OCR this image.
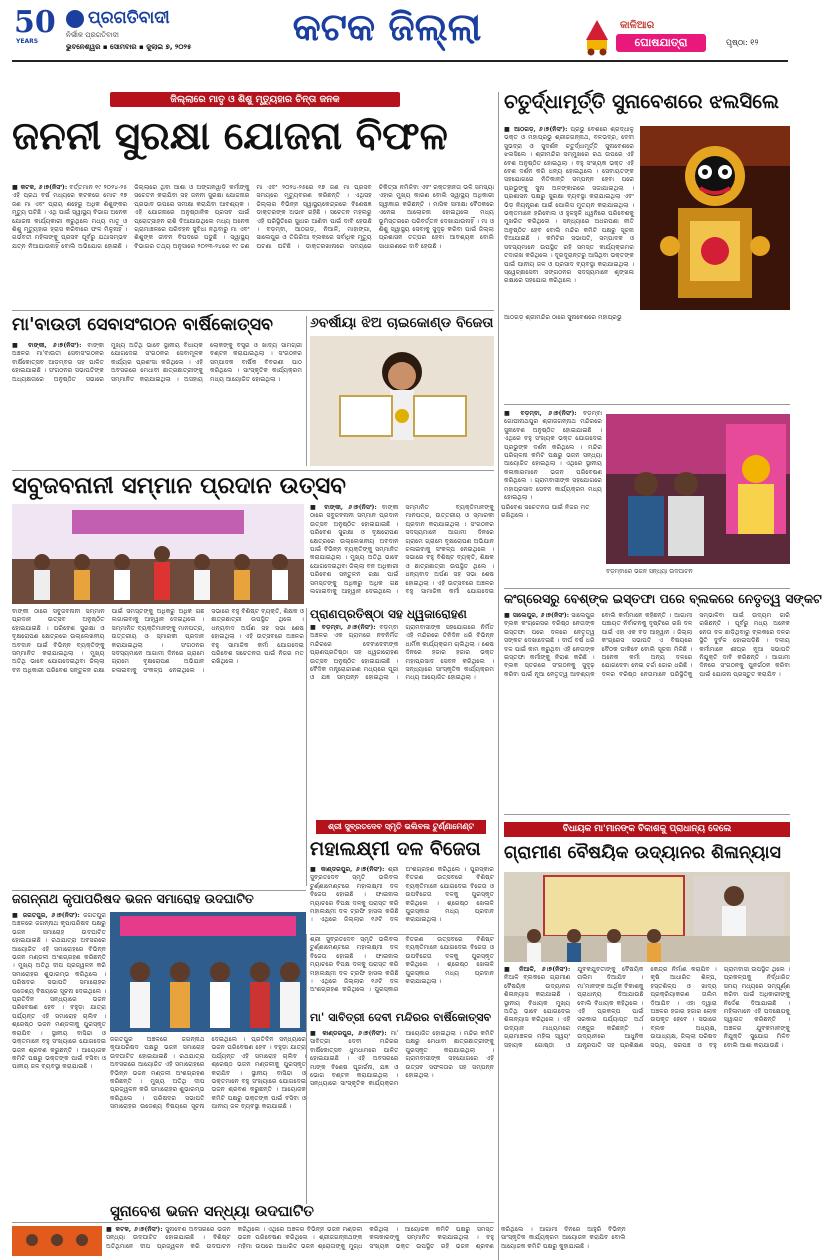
50
YEARS
ପ୍ରଗତିବାଦୀ
ନିର୍ଭୀକ ପ୍ରଗତିବାଦୀ
ଭୁବନେଶ୍ୱର ▪ ସୋମବାର ▪ ଜୁଲାଇ ୭, ୨୦୨୫	କଟକ ଜିଲ୍ଲା	କାଳିଆର
ଘୋଷଯାତ୍ରା	ପୃଷ୍ଠା: ୧୨
ଜିଲ୍ଲାରେ ମାତୃ ଓ ଶିଶୁ ମୃତ୍ୟୁହାର ଚିନ୍ତା ଜନକ
ଜନନୀ ସୁରକ୍ଷା ଯୋଜନା ବିଫଳ
■ କଟକ, ୬।୭(ନିସଂ): ବର୍ତ୍ତମାନ ୧୯ ୨୦୨୪-୨୫ ଏହି ପ୍ରଥ ବର୍ଷ ମଧ୍ୟରେ କଟକରେ ମୋଟ ୧୭ ଜଣ ମା ଏବଂ ପ୍ରାୟ ଶହେରୁ ଅଧିକ ଶିଶୁଙ୍କର ମୃତ୍ୟୁ ଘଟିଛି । ଏଥି ପାଇଁ ସ୍ୱାସ୍ଥ୍ୟ ବିଭାଗ ଅନେକ ଯୋଜନା କାର୍ଯ୍ୟକାରୀ କରୁଥିଲେ ମଧ୍ୟ ମାତୃ ଓ ଶିଶୁ ମୃତ୍ୟୁହାର ହ୍ରାସ କରିବାରେ ଫଳ ମିଳୁନାହିଁ । ଗର୍ଭବତୀ ମହିଳାଙ୍କୁ ପ୍ରସବ ପୂର୍ବରୁ ଯଥାସମ୍ଭବ ଯତ୍ନ ନିଆଯାଉନାହିଁ ବୋଲି ଅଭିଯୋଗ ହୋଇଛି । ଜିଲ୍ଲାରେ ଥିବା ଆଶା ଓ ଅଙ୍ଗନୱାଡ଼ି କର୍ମୀଙ୍କୁ ସଚେତନ କରାଯିବା ସହ ଜନନୀ ସୁରକ୍ଷା ଯୋଜନାର ପ୍ରଭାବ ଉପରେ ସମୀକ୍ଷା କରାଯିବା ଆବଶ୍ୟକ । ଏହି ଯୋଜନାରେ ଅନୁଷ୍ଠାନିକ ପ୍ରସବ ପାଇଁ ପ୍ରୋତ୍ସାହନ ରାଶି ଦିଆଯାଉଥିଲେ ମଧ୍ୟ ଅନେକ ଗ୍ରାମାଞ୍ଚଳରେ ପରିବହନ ସୁବିଧା ନଥିବାରୁ ମା ଏବଂ ଶିଶୁଙ୍କ ଜୀବନ ବିପଦରେ ପଡୁଛି । ସ୍ୱାସ୍ଥ୍ୟ ବିଭାଗର ତଥ୍ୟ ଅନୁସାରେ ୨୦୨୩-୨୪ରେ ୧୯ ଜଣ ମା ଏବଂ ୨୦୨୪-୨୫ରେ ୧୭ ଜଣ ମା ପ୍ରସବ ସମୟରେ ମୃତ୍ୟୁବରଣ କରିଛନ୍ତି । ଏଥିସହ ଜିଲ୍ଲାର ବିଭିନ୍ନ ସ୍ୱାସ୍ଥ୍ୟକେନ୍ଦ୍ରରେ ବିଶେଷଜ୍ଞ ଡାକ୍ତରଙ୍କ ଅଭାବ ରହିଛି । ସଚେତନ ମହଲରୁ ଏହି ପରିସ୍ଥିତିରେ ସୁଧାର ଆଣିବା ପାଇଁ ଦାବି ହେଉଛି । ବଡ଼ମ୍ବା, ଆଠଗଡ଼, ନିଆଳି, ମାହାଙ୍ଗା, ସାଲେପୁର ଓ ତିଗିରିଆ ବ୍ଲକରେ ସର୍ବାଧିକ ମୃତ୍ୟୁ ଘଟଣା ଘଟିଛି । ଡାକ୍ତରଖାନାରେ ସମୟରେ ଚିକିତ୍ସା ନମିଳିବା ଏବଂ ରକ୍ତହୀନତା ଭଳି ସମସ୍ୟା ଏହାର ମୁଖ୍ୟ କାରଣ ବୋଲି ସ୍ୱାସ୍ଥ୍ୟ ଅଧିକାରୀ ସ୍ୱୀକାର କରିଛନ୍ତି । ମାସିକ ସମୀକ୍ଷା ବୈଠକରେ ଏନେଇ ଆଲୋଚନା ହୋଇଥିଲେ ମଧ୍ୟ ଭୂମିସ୍ତରରେ ପରିବର୍ତ୍ତନ ଦେଖାଯାଉନାହିଁ । ମା ଓ ଶିଶୁ ସ୍ୱାସ୍ଥ୍ୟ ସେବାକୁ ସୁଦୃଢ଼ କରିବା ପାଇଁ ଜିଲ୍ଲା ପ୍ରଶାସନ ତତ୍ପର ହେବା ଆବଶ୍ୟକ ବୋଲି ସାଧାରଣରେ ଦାବି ହେଉଛି ।
ଚତୁର୍ଦ୍ଧାମୂର୍ତ୍ତି ସୁନାବେଶରେ ଝଲସିଲେ
■ ଆଠଗଡ଼, ୬।୭(ନିସଂ): ପ୍ରଭୁ ବେଶରେ ଶ୍ରଦ୍ଧାଳୁ ଭକ୍ତ ଓ ମହାପ୍ରଭୁ ଶ୍ରୀଜଗନ୍ନାଥ, ବଳଭଦ୍ର, ଦେବୀ ସୁଭଦ୍ରା ଓ ସୁଦର୍ଶନ ଚତୁର୍ଦ୍ଧାମୂର୍ତ୍ତି ସୁନାବେଶରେ ଝଲସିଲେ । ଶ୍ରୀମନ୍ଦିର ସମ୍ମୁଖରେ ରଥ ଉପରେ ଏହି ବେଶ ଅନୁଷ୍ଠିତ ହୋଇଥିଲା । ବହୁ ସଂଖ୍ୟକ ଭକ୍ତ ଏହି ବେଶ ଦର୍ଶନ କରି ଧନ୍ୟ ହୋଇଥିଲେ । ସେବାୟତଙ୍କ ସହଯୋଗରେ ନିତିକାନ୍ତି ସମ୍ପନ୍ନ ହେବା ପରେ ପ୍ରଭୁଙ୍କୁ ସୁନା ଅଳଙ୍କାରରେ ସଜାଯାଇଥିଲା । ପ୍ରଶାସନ ପକ୍ଷରୁ ସୁରକ୍ଷା ବ୍ୟବସ୍ଥା କରାଯାଇଥିଲା ଏବଂ ଭିଡ଼ ନିୟନ୍ତ୍ରଣ ପାଇଁ ପୋଲିସ ମୁତୟନ କରାଯାଇଥିଲା । ଭକ୍ତମାନେ ହରିବୋଲ ଓ ହୁଳହୁଳି ଧ୍ୱନିରେ ପରିବେଶକୁ ମୁଖରିତ କରିଥିଲେ । ସନ୍ଧ୍ୟାରେ ଅଧରପଣା ନୀତି ଅନୁଷ୍ଠିତ ହେବ ବୋଲି ମନ୍ଦିର କମିଟି ପକ୍ଷରୁ ସୂଚନା ଦିଆଯାଇଛି । କମିଟିର ସଭାପତି, ସମ୍ପାଦକ ଓ ସଦସ୍ୟମାନେ ଉପସ୍ଥିତ ରହି ସମସ୍ତ କାର୍ଯ୍ୟକ୍ରମର ତଦାରଖ କରିଥିଲେ । ଦୂରଦୂରାନ୍ତରୁ ଆସିଥିବା ଭକ୍ତଙ୍କ ପାଇଁ ପାନୀୟ ଜଳ ଓ ପ୍ରସାଦ ବ୍ୟବସ୍ଥା କରାଯାଇଥିଲା । ସ୍ୱେଚ୍ଛାସେବୀ ସଙ୍ଗଠନର ସଦସ୍ୟମାନେ ଶୃଙ୍ଖଳା ରକ୍ଷାରେ ସହଯୋଗ କରିଥିଲେ ।
ଆଠଗଡ଼ ଶ୍ରୀମନ୍ଦିର ଠାରେ ସୁନାବେଶରେ ମହାପ୍ରଭୁ
■ ବଡ଼ମ୍ବା, ୬।୭(ନିସଂ): ବଡ଼ମ୍ବା ଗୋପୀନାଥପୁର ଶ୍ରୀଜଗନ୍ନାଥ ମନ୍ଦିରରେ ସୁନାବେଶ ଅନୁଷ୍ଠିତ ହୋଇଯାଇଛି । ଏଥିରେ ବହୁ ସଂଖ୍ୟକ ଭକ୍ତ ଯୋଗଦେଇ ପ୍ରଭୁଙ୍କ ଦର୍ଶନ କରିଥିଲେ । ମନ୍ଦିର ପରିଚାଳନା କମିଟି ପକ୍ଷରୁ ଭଜନ ସନ୍ଧ୍ୟା ଆୟୋଜିତ ହୋଇଥିଲା । ଏଥିରେ ସ୍ଥାନୀୟ କଳାକାରମାନେ ଭଜନ ପରିବେଷଣ କରିଥିଲେ । ଗ୍ରାମବାସୀଙ୍କ ସହଯୋଗରେ ମହାପ୍ରସାଦ ସେବନ କାର୍ଯ୍ୟକ୍ରମ ମଧ୍ୟ ହୋଇଥିଲା ।
ବଡ଼ମ୍ବାରେ ଭଜନ ସନ୍ଧ୍ୟା ଉଦଘାଟନ
ମା'ବାଉତୀ ସେବାସଂଗଠନ ବାର୍ଷିକୋତ୍ସବ
■ ବାଙ୍କୀ, ୬।୭(ନିସଂ): ବାଙ୍କୀ ଅଞ୍ଚଳର ମା'ବାଉତୀ ସେବାସଂଗଠନର ବାର୍ଷିକୋତ୍ସବ ଆଡ଼ମ୍ବର ସହ ପାଳିତ ହୋଇଯାଇଛି । ସଂଗଠନର ସଭାପତିଙ୍କ ଅଧ୍ୟକ୍ଷତାରେ ଅନୁଷ୍ଠିତ ସଭାରେ ମୁଖ୍ୟ ଅତିଥି ଭାବେ ସ୍ଥାନୀୟ ବିଧାୟକ ଯୋଗଦେଇ ସଂଗଠନର ସେବାମୂଳକ କାର୍ଯ୍ୟର ପ୍ରଶଂସା କରିଥିଲେ । ଏହି ଅବସରରେ ମେଧାବୀ ଛାତ୍ରଛାତ୍ରୀଙ୍କୁ ସମ୍ମାନିତ କରାଯାଇଥିଲା । ଅସହାୟ ଲୋକଙ୍କୁ ବସ୍ତ୍ର ଓ ଖାଦ୍ୟ ସାମଗ୍ରୀ ବଣ୍ଟନ କରାଯାଇଥିଲା । ସଂଗଠନର ସମ୍ପାଦକ ବାର୍ଷିକ ବିବରଣୀ ପାଠ କରିଥିଲେ । ସାଂସ୍କୃତିକ କାର୍ଯ୍ୟକ୍ରମ ମଧ୍ୟ ଆୟୋଜିତ ହୋଇଥିଲା ।
୬ବର୍ଷୀୟା ଝିଅ ଚାଇକୋଣ୍ଡ ବିଜେତା
ସବୁଜବନାନୀ ସମ୍ମାନ ପ୍ରଦାନ ଉତ୍ସବ
■ ବାଙ୍କୀ, ୬।୭(ନିସଂ): ବାଙ୍କୀ ଠାରେ ସବୁଜବନାନୀ ସମ୍ମାନ ପ୍ରଦାନ ଉତ୍ସବ ଅନୁଷ୍ଠିତ ହୋଇଯାଇଛି । ପରିବେଶ ସୁରକ୍ଷା ଓ ବୃକ୍ଷରୋପଣ କ୍ଷେତ୍ରରେ ଉଲ୍ଲେଖନୀୟ ଅବଦାନ ପାଇଁ ବିଭିନ୍ନ ବ୍ୟକ୍ତିଙ୍କୁ ସମ୍ମାନିତ କରାଯାଇଥିଲା । ମୁଖ୍ୟ ଅତିଥି ଭାବେ ଯୋଗଦେଇଥିବା ଜିଲ୍ଲା ବନ ଅଧିକାରୀ ପରିବେଶ ସନ୍ତୁଳନ ରକ୍ଷା ପାଇଁ ସମସ୍ତଙ୍କୁ ଅଧିକରୁ ଅଧିକ ଗଛ ଲଗାଇବାକୁ ଆହ୍ୱାନ ଦେଇଥିଲେ । ସମ୍ମାନିତ ବ୍ୟକ୍ତିମାନଙ୍କୁ ମାନପତ୍ର, ଉତ୍ତରୀୟ ଓ ସ୍ମାରକୀ ପ୍ରଦାନ କରାଯାଇଥିଲା । ସଂଗଠନର ସଦସ୍ୟମାନେ ଆଗାମୀ ଦିନରେ ଗ୍ରାମେ ଗ୍ରାମେ ବୃକ୍ଷରୋପଣ ଅଭିଯାନ ଚଳାଇବାକୁ ସଂକଳ୍ପ ନେଇଥିଲେ । ସଭାରେ ବହୁ ବିଶିଷ୍ଟ ବ୍ୟକ୍ତି, ଶିକ୍ଷକ ଓ ଛାତ୍ରଛାତ୍ରୀ ଉପସ୍ଥିତ ଥିଲେ । ଧନ୍ୟବାଦ ଅର୍ପଣ ସହ ସଭା ଶେଷ ହୋଇଥିଲା । ଏହି ଉତ୍ସବରେ ଅଞ୍ଚଳର ବହୁ ସାମାଜିକ କର୍ମୀ ଯୋଗଦେଇ ପରିବେଶ ସଚେତନତା ପାଇଁ ନିଜର ମତ ରଖିଥିଲେ ।
ବାଙ୍କୀ ଠାରେ ସବୁଜବନାନୀ ସମ୍ମାନ ପ୍ରଦାନ ଉତ୍ସବ ଅନୁଷ୍ଠିତ ହୋଇଯାଇଛି । ପରିବେଶ ସୁରକ୍ଷା ଓ ବୃକ୍ଷରୋପଣ କ୍ଷେତ୍ରରେ ଉଲ୍ଲେଖନୀୟ ଅବଦାନ ପାଇଁ ବିଭିନ୍ନ ବ୍ୟକ୍ତିଙ୍କୁ ସମ୍ମାନିତ କରାଯାଇଥିଲା । ମୁଖ୍ୟ ଅତିଥି ଭାବେ ଯୋଗଦେଇଥିବା ଜିଲ୍ଲା ବନ ଅଧିକାରୀ ପରିବେଶ ସନ୍ତୁଳନ ରକ୍ଷା ପାଇଁ ସମସ୍ତଙ୍କୁ ଅଧିକରୁ ଅଧିକ ଗଛ ଲଗାଇବାକୁ ଆହ୍ୱାନ ଦେଇଥିଲେ । ସମ୍ମାନିତ ବ୍ୟକ୍ତିମାନଙ୍କୁ ମାନପତ୍ର, ଉତ୍ତରୀୟ ଓ ସ୍ମାରକୀ ପ୍ରଦାନ କରାଯାଇଥିଲା । ସଂଗଠନର ସଦସ୍ୟମାନେ ଆଗାମୀ ଦିନରେ ଗ୍ରାମେ ଗ୍ରାମେ ବୃକ୍ଷରୋପଣ ଅଭିଯାନ ଚଳାଇବାକୁ ସଂକଳ୍ପ ନେଇଥିଲେ । ସଭାରେ ବହୁ ବିଶିଷ୍ଟ ବ୍ୟକ୍ତି, ଶିକ୍ଷକ ଓ ଛାତ୍ରଛାତ୍ରୀ ଉପସ୍ଥିତ ଥିଲେ । ଧନ୍ୟବାଦ ଅର୍ପଣ ସହ ସଭା ଶେଷ ହୋଇଥିଲା । ଏହି ଉତ୍ସବରେ ଅଞ୍ଚଳର ବହୁ ସାମାଜିକ କର୍ମୀ ଯୋଗଦେଇ ପରିବେଶ ସଚେତନତା ପାଇଁ ନିଜର ମତ ରଖିଥିଲେ ।
ପ୍ରାଣପ୍ରତିଷ୍ଠା ସହ ଧ୍ୱଜାରୋହଣ
■ ବଡ଼ମ୍ବା, ୬।୭(ନିସଂ): ବଡ଼ମ୍ବା ଅଞ୍ଚଳର ଏକ ଗ୍ରାମରେ ନବନିର୍ମିତ ମନ୍ଦିରରେ ଦେବାଦେବୀଙ୍କ ପ୍ରାଣପ୍ରତିଷ୍ଠା ସହ ଧ୍ୱଜାରୋହଣ ଉତ୍ସବ ଅନୁଷ୍ଠିତ ହୋଇଯାଇଛି । ବୈଦିକ ମନ୍ତ୍ରୋଚ୍ଚାରଣ ମଧ୍ୟରେ ପୂଜା ଓ ଯଜ୍ଞ ସମ୍ପନ୍ନ ହୋଇଥିଲା । ଗ୍ରାମବାସୀଙ୍କ ସହଯୋଗରେ ନିର୍ମିତ ଏହି ମନ୍ଦିରରେ ତିନିଦିନ ଧରି ବିଭିନ୍ନ ଧାର୍ମିକ କାର୍ଯ୍ୟକ୍ରମ ଚାଲିଥିଲା । ଶେଷ ଦିନରେ ହଜାର ହଜାର ଭକ୍ତ ମହାପ୍ରସାଦ ସେବନ କରିଥିଲେ । ସନ୍ଧ୍ୟାରେ ସାଂସ୍କୃତିକ କାର୍ଯ୍ୟକ୍ରମ ମଧ୍ୟ ଆୟୋଜିତ ହୋଇଥିଲା ।
ଶ୍ରୀ ସୁବ୍ରତଦେବ ସ୍ମୃତି ଭଲିବଲ ଟୁର୍ଣ୍ଣାମେଣ୍ଟ
ମହାଲକ୍ଷ୍ମୀ ଦଳ ବିଜେତା
■ କାଣ୍ଡରପୁର, ୬।୭(ନିସଂ): ଶ୍ରୀ ସୁବ୍ରତଦେବ ସ୍ମୃତି ଭଲିବଲ ଟୁର୍ଣ୍ଣାମେଣ୍ଟରେ ମହାଲକ୍ଷ୍ମୀ ଦଳ ବିଜେତା ହୋଇଛି । ଫାଇନାଲ ମ୍ୟାଚରେ ବିପକ୍ଷ ଦଳକୁ ପରାସ୍ତ କରି ମହାଲକ୍ଷ୍ମୀ ଦଳ ଟ୍ରଫି ହାସଲ କରିଛି । ଏଥିରେ ଜିଲ୍ଲାର ୧୬ଟି ଦଳ ଅଂଶଗ୍ରହଣ କରିଥିଲେ । ପୁରସ୍କାର ବିତରଣ ଉତ୍ସବରେ ବିଶିଷ୍ଟ ବ୍ୟକ୍ତିମାନେ ଯୋଗଦେଇ ବିଜେତା ଓ ଉପବିଜେତା ଦଳକୁ ପୁରସ୍କୃତ କରିଥିଲେ । ଶ୍ରେଷ୍ଠ ଖେଳାଳି ପୁରସ୍କାର ମଧ୍ୟ ପ୍ରଦାନ କରାଯାଇଥିଲା ।
କଂଗ୍ରେସରୁ ବେଶ୍ଙ୍କ ଇସ୍ତଫା ପରେ ବ୍ଲକରେ ନେତୃତ୍ୱ ସଙ୍କଟ
■ ସାଲେପୁର, ୬।୭(ନିସଂ): ସାଲେପୁର ବ୍ଲକ କଂଗ୍ରେସର ବରିଷ୍ଠ ନେତାଙ୍କ ଇସ୍ତଫା ପରେ ଦଳରେ ନେତୃତ୍ୱ ସଙ୍କଟ ଦେଖାଦେଇଛି । ଦୀର୍ଘ ବର୍ଷ ଧରି ଦଳ ପାଇଁ କାମ କରୁଥିବା ଏହି ନେତାଙ୍କ ଇସ୍ତଫା କର୍ମୀଙ୍କୁ ନିରାଶ କରିଛି । ବ୍ଲକ ସ୍ତରରେ ସଂଗଠନକୁ ସୁଦୃଢ଼ କରିବା ପାଇଁ ନୂଆ ନେତୃତ୍ୱ ଆବଶ୍ୟକ ବୋଲି କର୍ମୀମାନେ କହିଛନ୍ତି । ଆଗାମୀ ପଞ୍ଚାୟତ ନିର୍ବାଚନକୁ ଦୃଷ୍ଟିରେ ରଖି ଦଳ ପାଇଁ ଏହା ଏକ ବଡ଼ ଆହ୍ୱାନ । ଜିଲ୍ଲା କଂଗ୍ରେସ ସଭାପତି ଏ ବିଷୟରେ ବୈଠକ ଡାକିବେ ବୋଲି ସୂଚନା ମିଳିଛି । ଅନେକ କର୍ମୀ ଅନ୍ୟ ଦଳରେ ଯୋଗଦେବା ନେଇ ଚର୍ଚ୍ଚା ଜୋର ଧରିଛି । ଦଳର ବରିଷ୍ଠ ନେତାମାନେ ପରିସ୍ଥିତିକୁ ସମ୍ଭାଳିବା ପାଇଁ ଉଦ୍ୟମ ଜାରି ରଖିଛନ୍ତି । ପୂର୍ବରୁ ମଧ୍ୟ ଅନେକ ନେତା ଦଳ ଛାଡ଼ିଥିବାରୁ ବ୍ଲକରେ ଦଳର ସ୍ଥିତି ଦୁର୍ବଳ ହୋଇପଡ଼ିଛି । ଦଳୀୟ କର୍ମୀମାନେ ଶୀଘ୍ର ନୂଆ ସଭାପତି ନିଯୁକ୍ତି ଦାବି କରିଛନ୍ତି । ଆଗାମୀ ଦିନରେ ସଂଗଠନକୁ ପୁନର୍ଗଠନ କରିବା ପାଇଁ ଯୋଜନା ପ୍ରସ୍ତୁତ କରାଯିବ ।
ବିଧାୟକ ମା'ମାନଙ୍କ ବିକାଶକୁ ପ୍ରାଧାନ୍ୟ ଦେଲେ
ଗ୍ରାମୀଣ ବୈଷୟିକ ଉଦ୍ୟାନର ଶିଳାନ୍ୟାସ
■ ନିଆଳି, ୬।୭(ନିସଂ): ନିଆଳି ବ୍ଲକରେ ଗ୍ରାମୀଣ ବୈଷୟିକ ଉଦ୍ୟାନର ଶିଳାନ୍ୟାସ କରାଯାଇଛି । ସ୍ଥାନୀୟ ବିଧାୟକ ମୁଖ୍ୟ ଅତିଥି ଭାବେ ଯୋଗଦେଇ ଶିଳାନ୍ୟାସ କରିଥିଲେ । ଏହି ଉଦ୍ୟାନ ମାଧ୍ୟମରେ ଗ୍ରାମାଞ୍ଚଳର ମହିଳା ସ୍ୱୟଂ ସହାୟକ ଗୋଷ୍ଠୀ ଓ ଯୁବକଯୁବତୀଙ୍କୁ ବୈଷୟିକ ତାଲିମ ଦିଆଯିବ । ମା'ମାନଙ୍କ ଆର୍ଥିକ ବିକାଶକୁ ପ୍ରାଧାନ୍ୟ ଦିଆଯାଉଛି ବୋଲି ବିଧାୟକ କହିଥିଲେ । ଏହି ପ୍ରକଳ୍ପ ପାଇଁ ସରକାର ପର୍ଯ୍ୟାପ୍ତ ଅର୍ଥ ମଞ୍ଜୁର କରିଛନ୍ତି । ଉଦ୍ୟାନରେ ଆଧୁନିକ ଯନ୍ତ୍ରପାତି ସହ ପ୍ରଶିକ୍ଷଣ କେନ୍ଦ୍ର ନିର୍ମାଣ କରାଯିବ । କୃଷି ଆଧାରିତ ଶିଳ୍ପ, ହସ୍ତଶିଳ୍ପ ଓ ଖାଦ୍ୟ ପ୍ରକ୍ରିୟାକରଣ ତାଲିମ ଦିଆଯିବ । ଏହା ଦ୍ୱାରା ଅଞ୍ଚଳର ହଜାର ହଜାର ଲୋକ ଉପକୃତ ହେବେ । ସଭାରେ ବ୍ଲକ ଅଧ୍ୟକ୍ଷ, ଉପାଧ୍ୟକ୍ଷ, ଜିଲ୍ଲା ପରିଷଦ ସଭ୍ୟ, ସରପଞ୍ଚ ଓ ବହୁ ଗ୍ରାମବାସୀ ଉପସ୍ଥିତ ଥିଲେ । ପ୍ରକଳ୍ପକୁ ନିର୍ଦ୍ଧାରିତ ସମୟ ମଧ୍ୟରେ ସମ୍ପୂର୍ଣ୍ଣ କରିବା ପାଇଁ ଅଧିକାରୀଙ୍କୁ ନିର୍ଦ୍ଦେଶ ଦିଆଯାଇଛି । ମହିଳାମାନେ ଏହି ପଦକ୍ଷେପକୁ ସ୍ୱାଗତ କରିଛନ୍ତି । ଅଞ୍ଚଳର ଯୁବକମାନଙ୍କୁ ନିଯୁକ୍ତି ସୁଯୋଗ ମିଳିବ ବୋଲି ଆଶା କରାଯାଉଛି ।
ଜଗନ୍ନାଥ କୃପାପରିଷଦ ଭଜନ ସମାରୋହ ଉଦଘାଟିତ
■ ଜଗତପୁର, ୬।୭(ନିସଂ): ଜଗତପୁର ଅଞ୍ଚଳରେ ଜଗନ୍ନାଥ କୃପାପରିଷଦ ପକ୍ଷରୁ ଭଜନ ସମାରୋହ ଉଦଘାଟିତ ହୋଇଯାଇଛି । ରଥଯାତ୍ରା ଅବସରରେ ଆୟୋଜିତ ଏହି ସମାରୋହରେ ବିଭିନ୍ନ ଭଜନ ମଣ୍ଡଳୀ ଅଂଶଗ୍ରହଣ କରିଛନ୍ତି । ମୁଖ୍ୟ ଅତିଥି ଦୀପ ପ୍ରଜ୍ୱଳନ କରି ସମାରୋହର ଶୁଭାରମ୍ଭ କରିଥିଲେ । ପରିଷଦର ସଭାପତି ସମାରୋହର ଉଦ୍ଦେଶ୍ୟ ବିଷୟରେ ସୂଚନା ଦେଇଥିଲେ । ପ୍ରତିଦିନ ସନ୍ଧ୍ୟାରେ ଭଜନ ପରିବେଷଣ ହେବ । ବହୁଡ଼ା ଯାତ୍ରା ପର୍ଯ୍ୟନ୍ତ ଏହି ସମାରୋହ ଚାଲିବ । ଶ୍ରେଷ୍ଠ ଭଜନ ମଣ୍ଡଳୀକୁ ପୁରସ୍କୃତ କରାଯିବ । ସ୍ଥାନୀୟ ବାସିନ୍ଦା ଓ ଭକ୍ତମାନେ ବହୁ ସଂଖ୍ୟାରେ ଯୋଗଦେଇ ଭଜନ ଶ୍ରବଣ କରୁଛନ୍ତି । ଆୟୋଜକ କମିଟି ପକ୍ଷରୁ ଭକ୍ତଙ୍କ ପାଇଁ ବସିବା ଓ ପାନୀୟ ଜଳ ବ୍ୟବସ୍ଥା କରାଯାଇଛି ।
ଜଗତପୁର ଅଞ୍ଚଳରେ ଜଗନ୍ନାଥ କୃପାପରିଷଦ ପକ୍ଷରୁ ଭଜନ ସମାରୋହ ଉଦଘାଟିତ ହୋଇଯାଇଛି । ରଥଯାତ୍ରା ଅବସରରେ ଆୟୋଜିତ ଏହି ସମାରୋହରେ ବିଭିନ୍ନ ଭଜନ ମଣ୍ଡଳୀ ଅଂଶଗ୍ରହଣ କରିଛନ୍ତି । ମୁଖ୍ୟ ଅତିଥି ଦୀପ ପ୍ରଜ୍ୱଳନ କରି ସମାରୋହର ଶୁଭାରମ୍ଭ କରିଥିଲେ । ପରିଷଦର ସଭାପତି ସମାରୋହର ଉଦ୍ଦେଶ୍ୟ ବିଷୟରେ ସୂଚନା ଦେଇଥିଲେ । ପ୍ରତିଦିନ ସନ୍ଧ୍ୟାରେ ଭଜନ ପରିବେଷଣ ହେବ । ବହୁଡ଼ା ଯାତ୍ରା ପର୍ଯ୍ୟନ୍ତ ଏହି ସମାରୋହ ଚାଲିବ । ଶ୍ରେଷ୍ଠ ଭଜନ ମଣ୍ଡଳୀକୁ ପୁରସ୍କୃତ କରାଯିବ । ସ୍ଥାନୀୟ ବାସିନ୍ଦା ଓ ଭକ୍ତମାନେ ବହୁ ସଂଖ୍ୟାରେ ଯୋଗଦେଇ ଭଜନ ଶ୍ରବଣ କରୁଛନ୍ତି । ଆୟୋଜକ କମିଟି ପକ୍ଷରୁ ଭକ୍ତଙ୍କ ପାଇଁ ବସିବା ଓ ପାନୀୟ ଜଳ ବ୍ୟବସ୍ଥା କରାଯାଇଛି ।
ମା' ସାବିତ୍ରୀ ଦେବୀ ମନ୍ଦିରର ବାର୍ଷିକୋତ୍ସବ
■ କାଣ୍ଡରପୁର, ୬।୭(ନିସଂ): ମା' ସାବିତ୍ରୀ ଦେବୀ ମନ୍ଦିରର ବାର୍ଷିକୋତ୍ସବ ଧୁମଧାମରେ ପାଳିତ ହୋଇଯାଇଛି । ଏହି ଅବସରରେ ମାଙ୍କ ବିଶେଷ ପୂଜାର୍ଚ୍ଚନା, ଯଜ୍ଞ ଓ ଭୋଗ ବଣ୍ଟନ କରାଯାଇଥିଲା । ସନ୍ଧ୍ୟାରେ ସାଂସ୍କୃତିକ କାର୍ଯ୍ୟକ୍ରମ ଆୟୋଜିତ ହୋଇଥିଲା । ମନ୍ଦିର କମିଟି ପକ୍ଷରୁ ମେଧାବୀ ଛାତ୍ରଛାତ୍ରୀଙ୍କୁ ପୁରସ୍କୃତ କରାଯାଇଥିଲା । ଗ୍ରାମବାସୀଙ୍କ ସହଯୋଗରେ ଏହି ଉତ୍ସବ ସଫଳତାର ସହ ସମ୍ପନ୍ନ ହୋଇଥିଲା ।
ଶ୍ରୀ ସୁବ୍ରତଦେବ ସ୍ମୃତି ଭଲିବଲ ଟୁର୍ଣ୍ଣାମେଣ୍ଟରେ ମହାଲକ୍ଷ୍ମୀ ଦଳ ବିଜେତା ହୋଇଛି । ଫାଇନାଲ ମ୍ୟାଚରେ ବିପକ୍ଷ ଦଳକୁ ପରାସ୍ତ କରି ମହାଲକ୍ଷ୍ମୀ ଦଳ ଟ୍ରଫି ହାସଲ କରିଛି । ଏଥିରେ ଜିଲ୍ଲାର ୧୬ଟି ଦଳ ଅଂଶଗ୍ରହଣ କରିଥିଲେ । ପୁରସ୍କାର ବିତରଣ ଉତ୍ସବରେ ବିଶିଷ୍ଟ ବ୍ୟକ୍ତିମାନେ ଯୋଗଦେଇ ବିଜେତା ଓ ଉପବିଜେତା ଦଳକୁ ପୁରସ୍କୃତ କରିଥିଲେ । ଶ୍ରେଷ୍ଠ ଖେଳାଳି ପୁରସ୍କାର ମଧ୍ୟ ପ୍ରଦାନ କରାଯାଇଥିଲା ।
■ କଟକ, ୬।୭(ନିସଂ): ସୁନାବେଶ ଅବସରରେ ଭଜନ ସନ୍ଧ୍ୟା ଉଦଘାଟିତ ହୋଇଯାଇଛି । ବିଶିଷ୍ଟ ଅତିଥିମାନେ ଦୀପ ପ୍ରଜ୍ୱଳନ କରି ଉଦଘାଟନ କରିଥିଲେ । ଏଥିରେ ଅଞ୍ଚଳର ବିଭିନ୍ନ ଭଜନ ମଣ୍ଡଳୀ ଭଜନ ପରିବେଷଣ କରିଥିଲେ । ଶ୍ରୀଜଗନ୍ନାଥଙ୍କ ମହିମା ଉପରେ ଆଧାରିତ ଭଜନ ଶ୍ରୋତାଙ୍କୁ ମୁଗ୍ଧ କରିଥିଲା । ଆୟୋଜକ କମିଟି ପକ୍ଷରୁ ସମସ୍ତ କଳାକାରଙ୍କୁ ସମ୍ମାନିତ କରାଯାଇଥିଲା । ବହୁ ସଂଖ୍ୟକ ଭକ୍ତ ଉପସ୍ଥିତ ରହି ଭଜନ ଶ୍ରବଣ କରିଥିଲେ । ଆଗାମୀ ଦିନରେ ଆହୁରି ବିଭିନ୍ନ ସାଂସ୍କୃତିକ କାର୍ଯ୍ୟକ୍ରମ ଆୟୋଜନ କରାଯିବ ବୋଲି ଆୟୋଜକ କମିଟି ପକ୍ଷରୁ କୁହାଯାଇଛି ।
ସୁନାବେଶ ଭଜନ ସନ୍ଧ୍ୟା ଉଦଘାଟିତ
